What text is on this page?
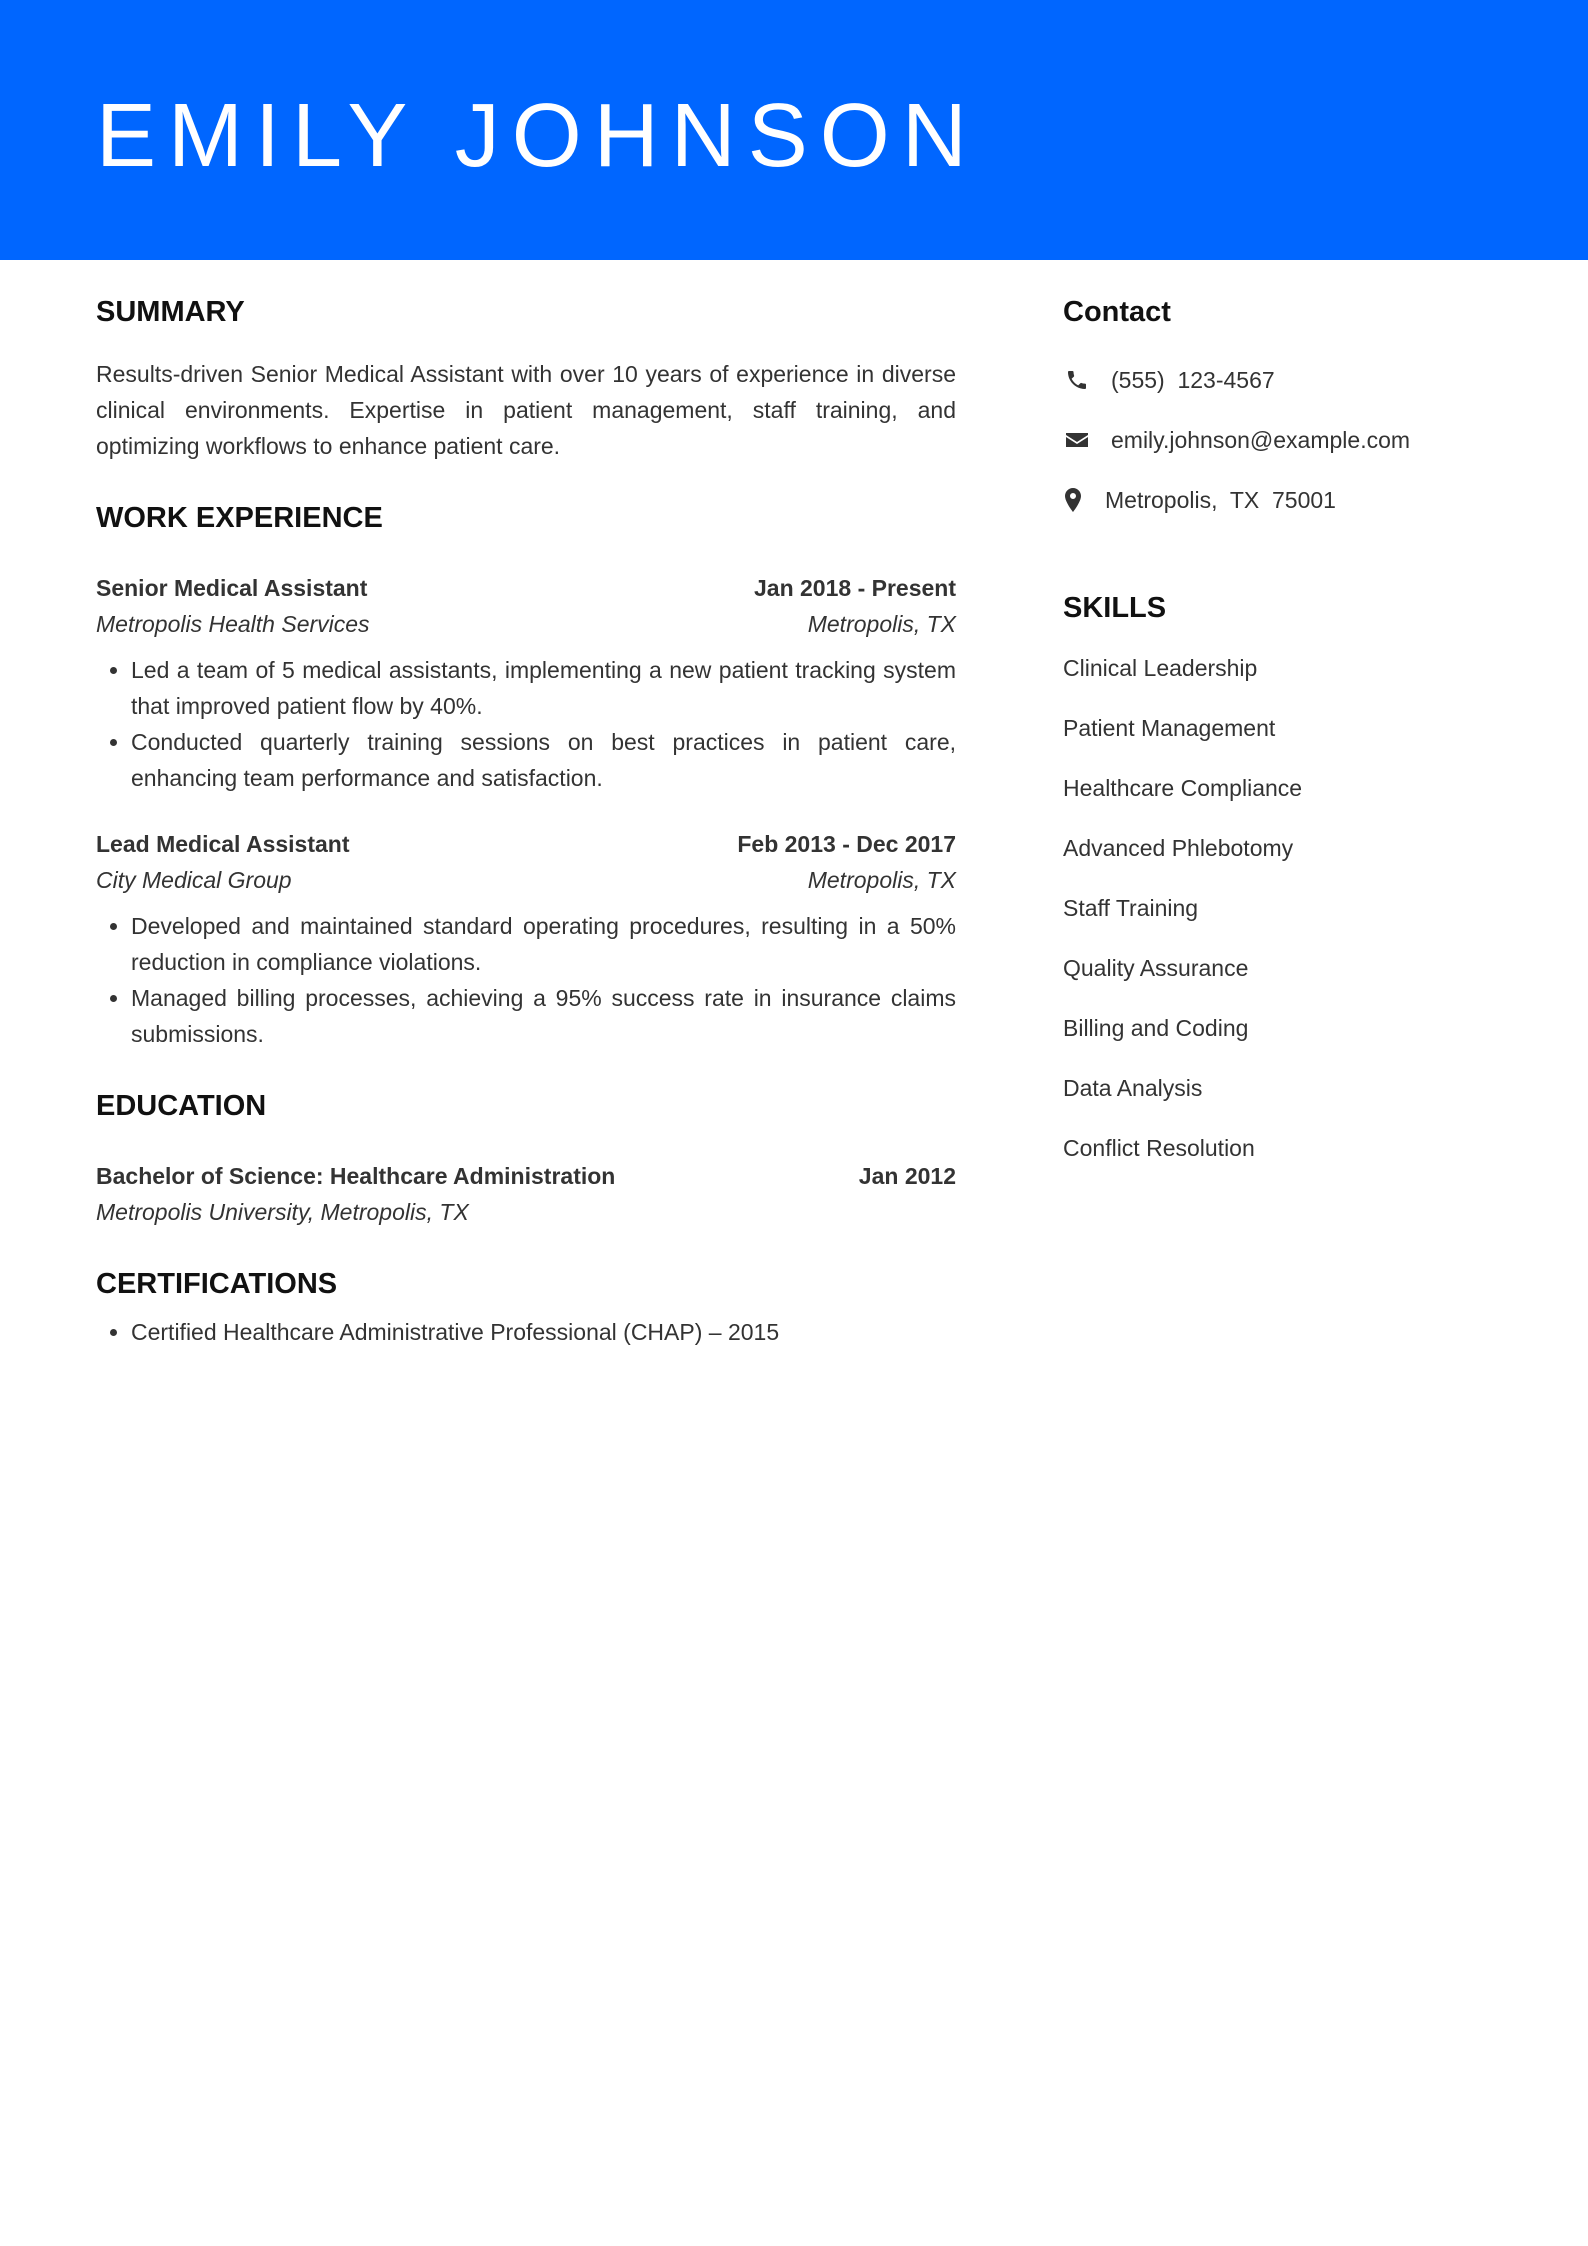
EMILY JOHNSON
SUMMARY

Results-driven Senior Medical Assistant with over 10 years of experience in diverse clinical environments. Expertise in patient management, staff training, and optimizing workflows to enhance patient care.

WORK EXPERIENCE
Senior Medical Assistant	Jan 2018 - Present
Metropolis Health Services	Metropolis, TX
• Led a team of 5 medical assistants, implementing a new patient tracking system that improved patient flow by 40%.
• Conducted quarterly training sessions on best practices in patient care, enhancing team performance and satisfaction.
Lead Medical Assistant	Feb 2013 - Dec 2017
City Medical Group	Metropolis, TX
• Developed and maintained standard operating procedures, resulting in a 50% reduction in compliance violations.
• Managed billing processes, achieving a 95% success rate in insurance claims submissions.
EDUCATION
Bachelor of Science: Healthcare Administration	Jan 2012
Metropolis University, Metropolis, TX
CERTIFICATIONS
• Certified Healthcare Administrative Professional (CHAP) – 2015
Contact
(555)  123-4567
emily.johnson@example.com
Metropolis,  TX  75001
SKILLS
Clinical Leadership
Patient Management
Healthcare Compliance
Advanced Phlebotomy
Staff Training
Quality Assurance
Billing and Coding
Data Analysis
Conflict Resolution
